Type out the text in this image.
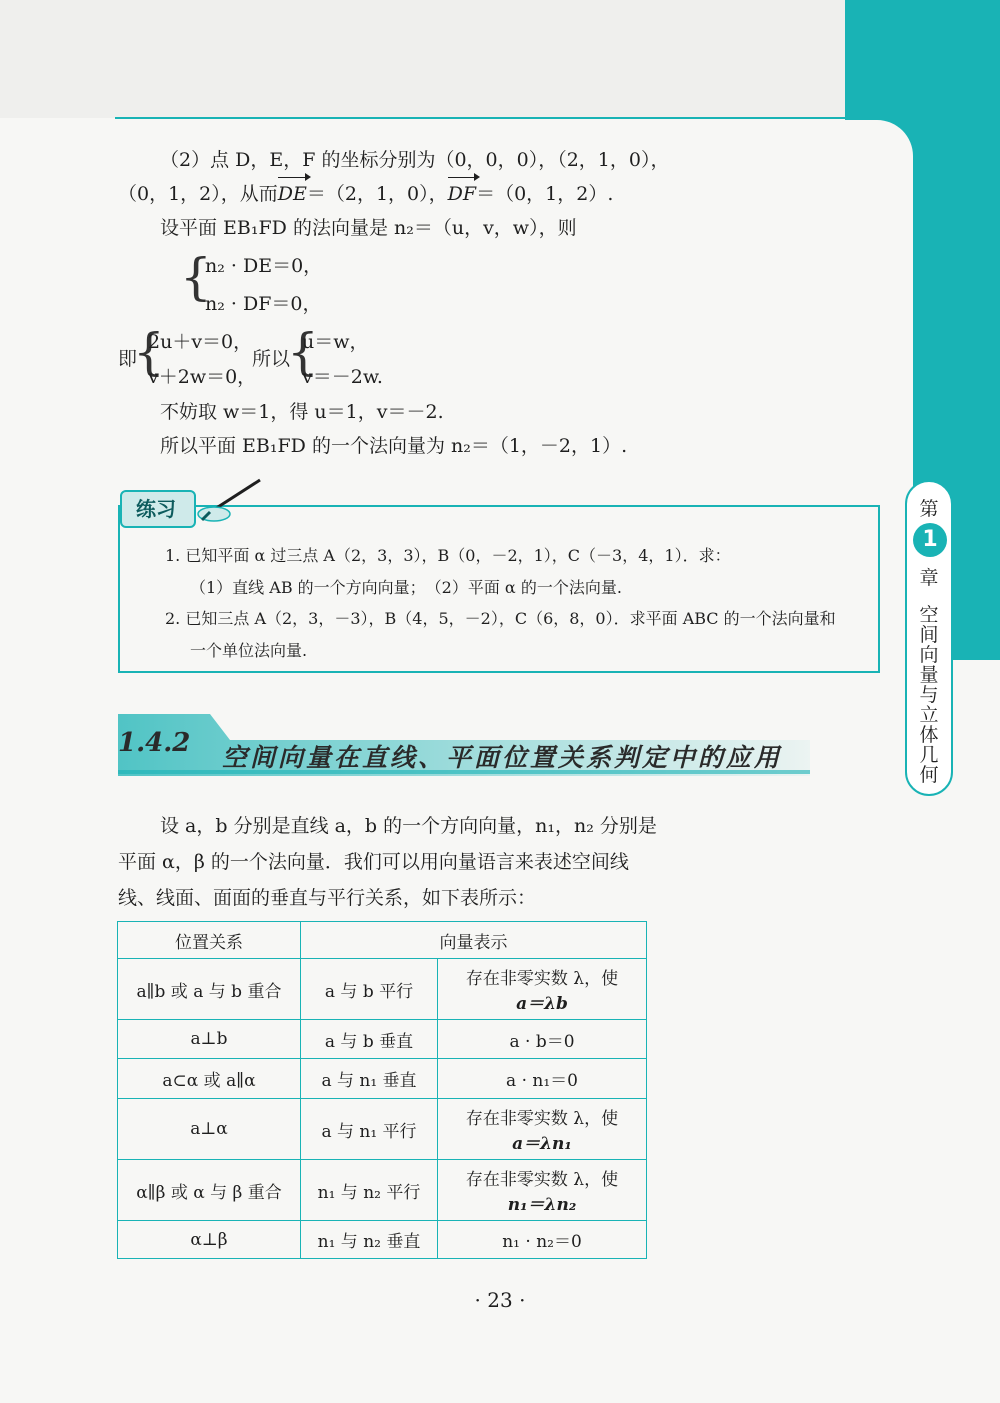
（2）点 D，E，F 的坐标分别为（0，0，0），（2，1，0），
（0，1，2），从而DE＝（2，1，0），DF＝（0，1，2）.
设平面 EB₁FD 的法向量是 n₂＝（u，v，w），则
{
n₂ · DE＝0，
n₂ · DF＝0，
即
{
2u＋v＝0，
v＋2w＝0，
所以
{
u＝w，
v＝－2w.
不妨取 w＝1，得 u＝1，v＝－2.
所以平面 EB₁FD 的一个法向量为 n₂＝（1，－2，1）.
练习
1. 已知平面 α 过三点 A（2，3，3），B（0，－2，1），C（－3，4，1）．求：
（1）直线 AB 的一个方向向量；　（2）平面 α 的一个法向量.
2. 已知三点 A（2，3，－3），B（4，5，－2），C（6，8，0）．求平面 ABC 的一个法向量和
一个单位法向量.
第
1
章
空
间
向
量
与
立
体
几
何
1.4.2 空间向量在直线、平面位置关系判定中的应用
设 a，b 分别是直线 a，b 的一个方向向量，n₁，n₂ 分别是
平面 α，β 的一个法向量．我们可以用向量语言来表述空间线
线、线面、面面的垂直与平行关系，如下表所示：
位置关系	向量表示	
a∥b 或 a 与 b 重合	a 与 b 平行	存在非零实数 λ，使
a＝λb

a⊥b	a 与 b 垂直	a · b＝0
a⊂α 或 a∥α	a 与 n₁ 垂直	a · n₁＝0
a⊥α	a 与 n₁ 平行	存在非零实数 λ，使
a＝λn₁

α∥β 或 α 与 β 重合	n₁ 与 n₂ 平行	存在非零实数 λ，使
n₁＝λn₂

α⊥β	n₁ 与 n₂ 垂直	n₁ · n₂＝0
· 23 ·
